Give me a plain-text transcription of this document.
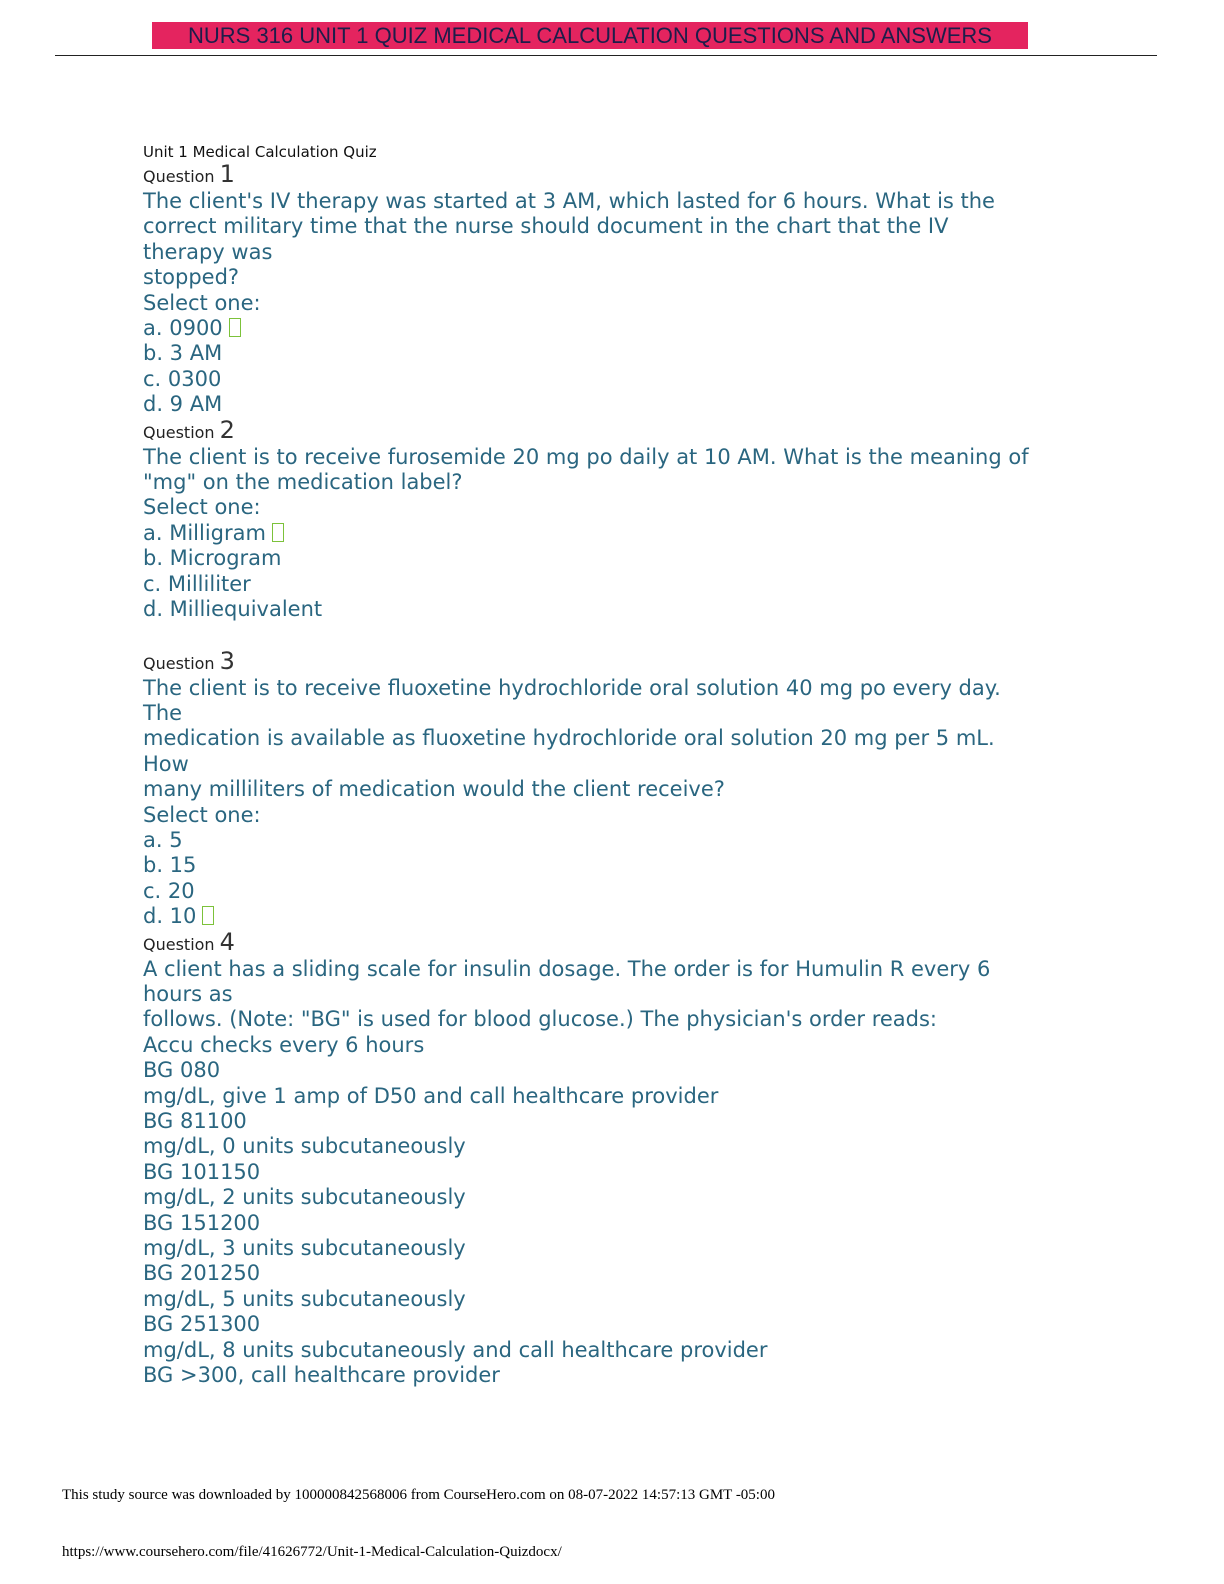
NURS 316 UNIT 1 QUIZ MEDICAL CALCULATION QUESTIONS AND ANSWERS
Unit 1 Medical Calculation Quiz
Question 1
The client's IV therapy was started at 3 AM, which lasted for 6 hours. What is the
correct military time that the nurse should document in the chart that the IV
therapy was
stopped?
Select one:
a. 0900
b. 3 AM
c. 0300
d. 9 AM
Question 2
The client is to receive furosemide 20 mg po daily at 10 AM. What is the meaning of
"mg" on the medication label?
Select one:
a. Milligram
b. Microgram
c. Milliliter
d. Milliequivalent
Question 3
The client is to receive fluoxetine hydrochloride oral solution 40 mg po every day.
The
medication is available as fluoxetine hydrochloride oral solution 20 mg per 5 mL.
How
many milliliters of medication would the client receive?
Select one:
a. 5
b. 15
c. 20
d. 10
Question 4
A client has a sliding scale for insulin dosage. The order is for Humulin R every 6
hours as
follows. (Note: "BG" is used for blood glucose.) The physician's order reads:
Accu checks every 6 hours
BG 080
mg/dL, give 1 amp of D50 and call healthcare provider
BG 81100
mg/dL, 0 units subcutaneously
BG 101150
mg/dL, 2 units subcutaneously
BG 151200
mg/dL, 3 units subcutaneously
BG 201250
mg/dL, 5 units subcutaneously
BG 251300
mg/dL, 8 units subcutaneously and call healthcare provider
BG >300, call healthcare provider
This study source was downloaded by 100000842568006 from CourseHero.com on 08-07-2022 14:57:13 GMT -05:00
https://www.coursehero.com/file/41626772/Unit-1-Medical-Calculation-Quizdocx/
